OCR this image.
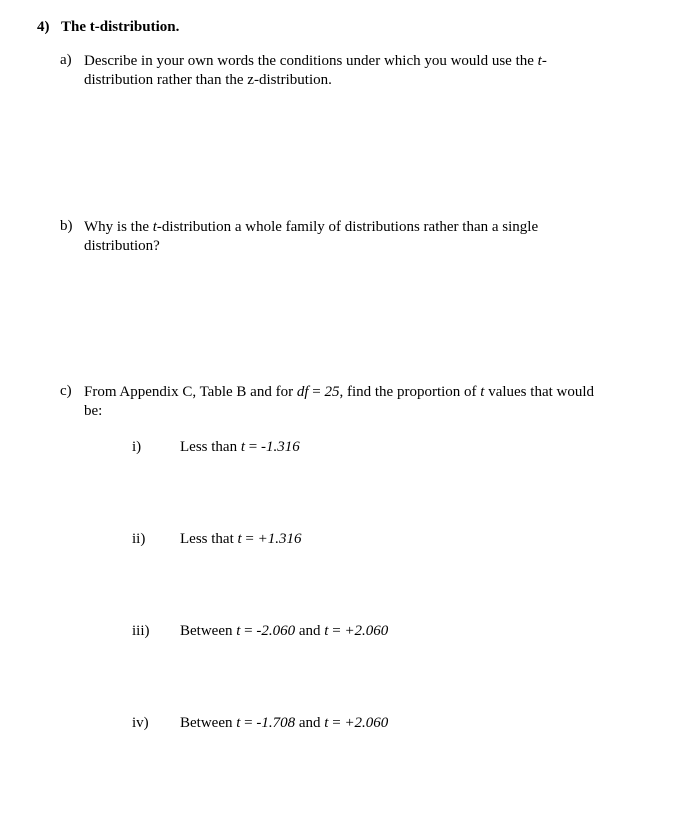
4) The t-distribution.
a) Describe in your own words the conditions under which you would use the t-
distribution rather than the z-distribution.
b) Why is the t-distribution a whole family of distributions rather than a single
distribution?
c) From Appendix C, Table B and for df = 25, find the proportion of t values that would
be:
i)	Less than t = -1.316
ii) Less that t = +1.316
iii) Between t = -2.060 and t = +2.060
iv) Between t = -1.708 and t = +2.060
